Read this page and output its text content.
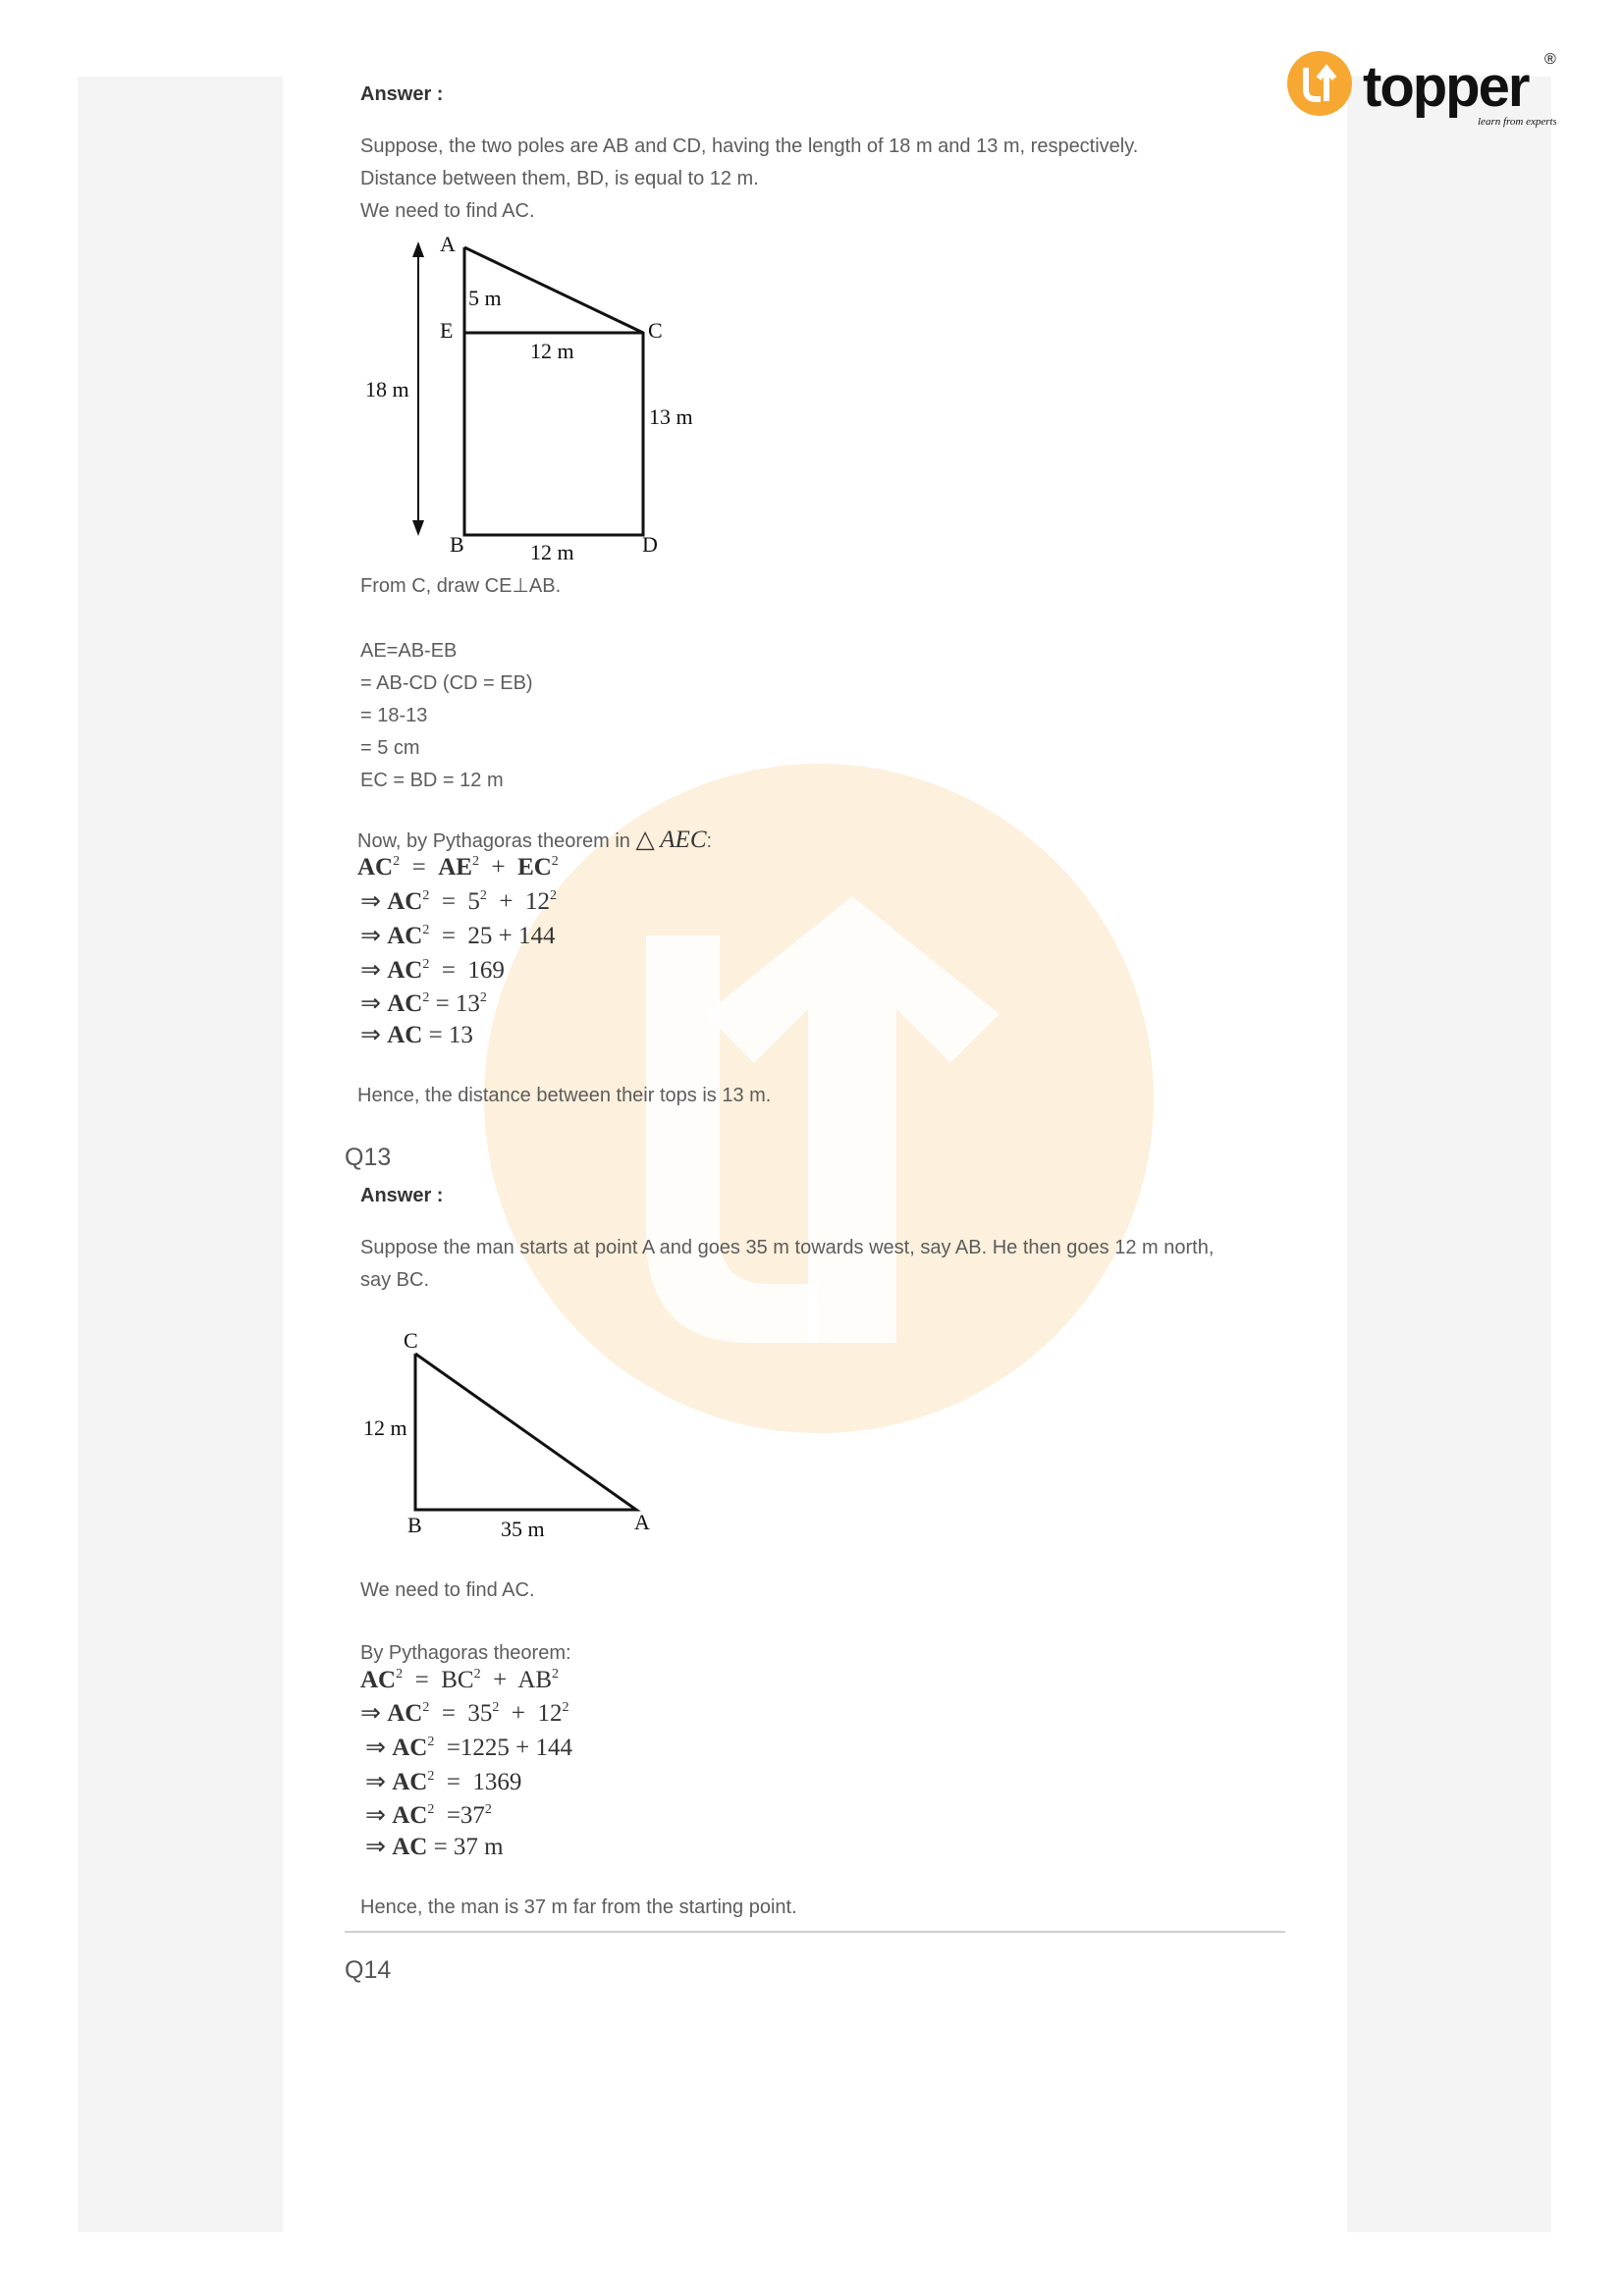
topper ®
learn from experts
Answer :
Suppose, the two poles are AB and CD, having the length of 18 m and 13 m, respectively.
Distance between them, BD, is equal to 12 m.
We need to find AC.
A
5 m
E	C
12 m
18 m
13 m
B	12 m	D
From C, draw CE⊥AB.
AE=AB-EB
= AB-CD (CD = EB)
= 18-13
= 5 cm
EC = BD = 12 m
Now, by Pythagoras theorem in △ AEC:
$AC^2 = AE^2 + EC^2$
⇒ $AC^2 = 5^2 + 12^2$
⇒ $AC^2 = 25 + 144$
⇒ $AC^2 = 169$
⇒ $AC^2 = 13^2$
⇒ AC = 13
Hence, the distance between their tops is 13 m.
Q13
Answer :
Suppose the man starts at point A and goes 35 m towards west, say AB. He then goes 12 m north,
say BC.
C
12 m
B	35 m	A
We need to find AC.
By Pythagoras theorem:
$AC^2 = BC^2 + AB^2$
⇒ $AC^2 = 35^2 + 12^2$
⇒ $AC^2 =1225 + 144$
⇒ $AC^2 = 1369$
⇒ $AC^2 =37^2$
⇒ AC = 37 m
Hence, the man is 37 m far from the starting point.
Q14
